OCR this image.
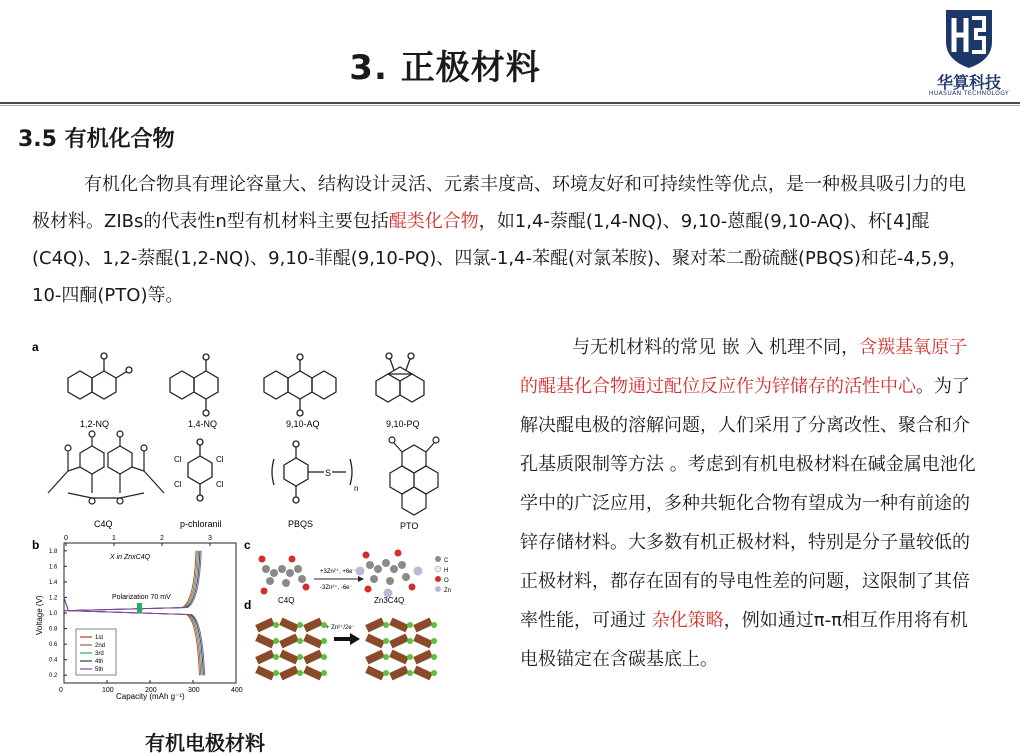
3. 正极材料	华算科技
HUASUAN TECHNOLOGY
3.5 有机化合物
有机化合物具有理论容量大、结构设计灵活、元素丰度高、环境友好和可持续性等优点，是一种极具吸引力的电极材料。ZIBs的代表性n型有机材料主要包括醌类化合物，如1,4-萘醌(1,4-NQ)、9,10-蒽醌(9,10-AQ)、杯[4]醌(C4Q)、1,2-萘醌(1,2-NQ)、9,10-菲醌(9,10-PQ)、四氯-1,4-苯醌(对氯苯胺)、聚对苯二酚硫醚(PBQS)和芘-4,5,9，10-四酮(PTO)等。
a
1,2-NQ	1,4-NQ	9,10-AQ	9,10-PQ
C4Q
Cl	Cl
Cl	Cl
p-chloranil
S
n
PBQS	PTO
b
0	100	200	300	400
0.2
0.4
0.6
0.8
1.0
1.2
1.4
1.6
1.8
0	1	2	3
X in ZnxC4Q
Capacity (mAh g⁻¹)
Voltage (V)	Polarization 70 mV
1st
2nd
3rd
4th
5th
c
+3Zn²⁺, +6e⁻
-3Zn²⁺, -6e⁻
C4Q	Zn3C4Q
C
H
O
Zn
d
+ Zn²⁺/2e⁻
与无机材料的常见 嵌 入 机理不同，含羰基氧原子的醌基化合物通过配位反应作为锌储存的活性中心。为了解决醌电极的溶解问题，人们采用了分离改性、聚合和介孔基质限制等方法 。考虑到有机电极材料在碱金属电池化学中的广泛应用，多种共轭化合物有望成为一种有前途的锌存储材料。大多数有机正极材料，特别是分子量较低的正极材料，都存在固有的导电性差的问题，这限制了其倍率性能，可通过 杂化策略，例如通过π-π相互作用将有机电极锚定在含碳基底上。
有机电极材料
